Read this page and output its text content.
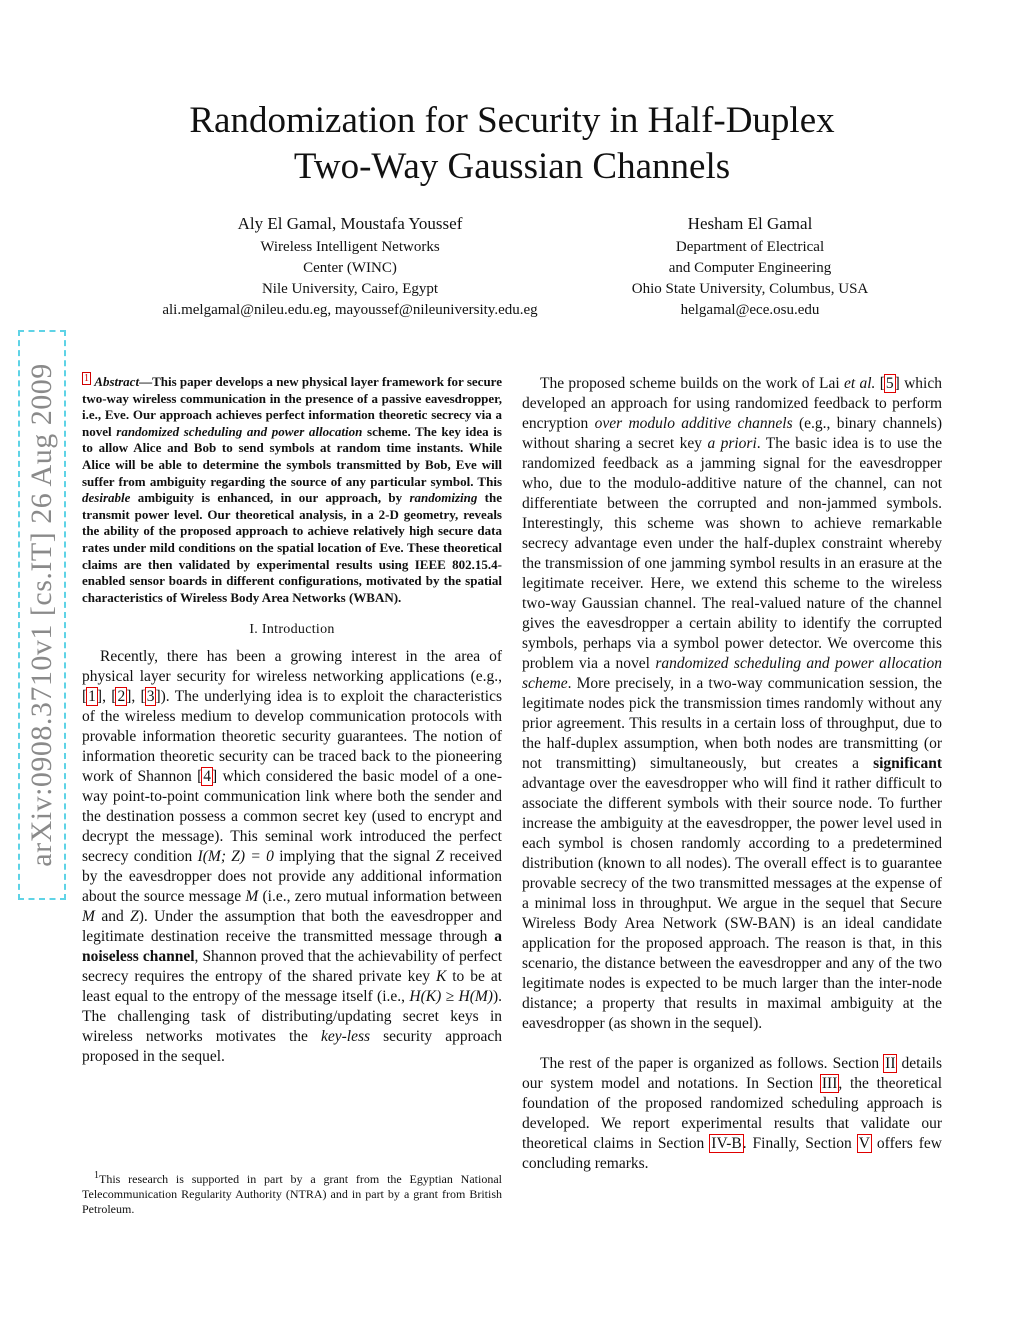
Randomization for Security in Half-Duplex
Two-Way Gaussian Channels
Aly El Gamal, Moustafa Youssef
Wireless Intelligent Networks
Center (WINC)
Nile University, Cairo, Egypt
ali.melgamal@nileu.edu.eg, mayoussef@nileuniversity.edu.eg
Hesham El Gamal
Department of Electrical
and Computer Engineering
Ohio State University, Columbus, USA
helgamal@ece.osu.edu
arXiv:0908.3710v1 [cs.IT] 26 Aug 2009	$^1$ Abstract—This paper develops a new physical layer framework for secure two-way wireless communication in the presence of a passive eavesdropper, i.e., Eve. Our approach achieves perfect information theoretic secrecy via a novel randomized scheduling and power allocation scheme. The key idea is to allow Alice and Bob to send symbols at random time instants. While Alice will be able to determine the symbols transmitted by Bob, Eve will suffer from ambiguity regarding the source of any particular symbol. This desirable ambiguity is enhanced, in our approach, by randomizing the transmit power level. Our theoretical analysis, in a 2-D geometry, reveals the ability of the proposed approach to achieve relatively high secure data rates under mild conditions on the spatial location of Eve. These theoretical claims are then validated by experimental results using IEEE 802.15.4-enabled sensor boards in different configurations, motivated by the spatial characteristics of Wireless Body Area Networks (WBAN).
I. Introduction

Recently, there has been a growing interest in the area of physical layer security for wireless networking applications (e.g., [1], [2], [3]). The underlying idea is to exploit the characteristics of the wireless medium to develop communication protocols with provable information theoretic security guarantees. The notion of information theoretic security can be traced back to the pioneering work of Shannon [4] which considered the basic model of a one-way point-to-point communication link where both the sender and the destination possess a common secret key (used to encrypt and decrypt the message). This seminal work introduced the perfect secrecy condition I(M; Z) = 0 implying that the signal Z received by the eavesdropper does not provide any additional information about the source message M (i.e., zero mutual information between M and Z). Under the assumption that both the eavesdropper and legitimate destination receive the transmitted message through a noiseless channel, Shannon proved that the achievability of perfect secrecy requires the entropy of the shared private key K to be at least equal to the entropy of the message itself (i.e., H(K) ≥ H(M)). The challenging task of distributing/updating secret keys in wireless networks motivates the key-less security approach proposed in the sequel.

$^1$This research is supported in part by a grant from the Egyptian National Telecommunication Regularity Authority (NTRA) and in part by a grant from British Petroleum.

The proposed scheme builds on the work of Lai et al. [5] which developed an approach for using randomized feedback to perform encryption over modulo additive channels (e.g., binary channels) without sharing a secret key a priori. The basic idea is to use the randomized feedback as a jamming signal for the eavesdropper who, due to the modulo-additive nature of the channel, can not differentiate between the corrupted and non-jammed symbols. Interestingly, this scheme was shown to achieve remarkable secrecy advantage even under the half-duplex constraint whereby the transmission of one jamming symbol results in an erasure at the legitimate receiver. Here, we extend this scheme to the wireless two-way Gaussian channel. The real-valued nature of the channel gives the eavesdropper a certain ability to identify the corrupted symbols, perhaps via a symbol power detector. We overcome this problem via a novel randomized scheduling and power allocation scheme. More precisely, in a two-way communication session, the legitimate nodes pick the transmission times randomly without any prior agreement. This results in a certain loss of throughput, due to the half-duplex assumption, when both nodes are transmitting (or not transmitting) simultaneously, but creates a significant advantage over the eavesdropper who will find it rather difficult to associate the different symbols with their source node. To further increase the ambiguity at the eavesdropper, the power level used in each symbol is chosen randomly according to a predetermined distribution (known to all nodes). The overall effect is to guarantee provable secrecy of the two transmitted messages at the expense of a minimal loss in throughput. We argue in the sequel that Secure Wireless Body Area Network (SW-BAN) is an ideal candidate application for the proposed approach. The reason is that, in this scenario, the distance between the eavesdropper and any of the two legitimate nodes is expected to be much larger than the inter-node distance; a property that results in maximal ambiguity at the eavesdropper (as shown in the sequel).

The rest of the paper is organized as follows. Section II details our system model and notations. In Section III, the theoretical foundation of the proposed randomized scheduling approach is developed. We report experimental results that validate our theoretical claims in Section IV-B. Finally, Section V offers few concluding remarks.
